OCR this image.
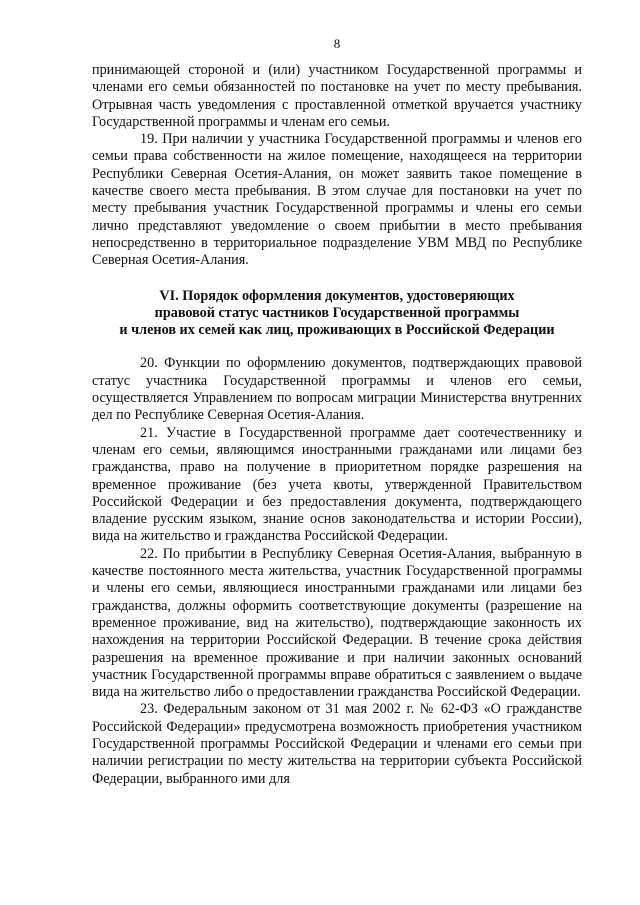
8

принимающей стороной и (или) участником Государственной программы и членами его семьи обязанностей по постановке на учет по месту пребывания. Отрывная часть уведомления с проставленной отметкой вручается участнику Государственной программы и членам его семьи.

19. При наличии у участника Государственной программы и членов его семьи права собственности на жилое помещение, находящееся на территории Республики Северная Осетия-Алания, он может заявить такое помещение в качестве своего места пребывания. В этом случае для постановки на учет по месту пребывания участник Государственной программы и члены его семьи лично представляют уведомление о своем прибытии в место пребывания непосредственно в территориальное подразделение УВМ МВД по Республике Северная Осетия-Алания.

VI. Порядок оформления документов, удостоверяющих
правовой статус частников Государственной программы
и членов их семей как лиц, проживающих в Российской Федерации

20. Функции по оформлению документов, подтверждающих правовой статус участника Государственной программы и членов его семьи, осуществляется Управлением по вопросам миграции Министерства внутренних дел по Республике Северная Осетия-Алания.

21. Участие в Государственной программе дает соотечественнику и членам его семьи, являющимся иностранными гражданами или лицами без гражданства, право на получение в приоритетном порядке разрешения на временное проживание (без учета квоты, утвержденной Правительством Российской Федерации и без предоставления документа, подтверждающего владение русским языком, знание основ законодательства и истории России), вида на жительство и гражданства Российской Федерации.

22. По прибытии в Республику Северная Осетия-Алания, выбранную в качестве постоянного места жительства, участник Государственной программы и члены его семьи, являющиеся иностранными гражданами или лицами без гражданства, должны оформить соответствующие документы (разрешение на временное проживание, вид на жительство), подтверждающие законность их нахождения на территории Российской Федерации. В течение срока действия разрешения на временное проживание и при наличии законных оснований участник Государственной программы вправе обратиться с заявлением о выдаче вида на жительство либо о предоставлении гражданства Российской Федерации.

23. Федеральным законом от 31 мая 2002 г. № 62-ФЗ «О гражданстве Российской Федерации» предусмотрена возможность приобретения участником Государственной программы Российской Федерации и членами его семьи при наличии регистрации по месту жительства на территории субъекта Российской Федерации, выбранного ими для
